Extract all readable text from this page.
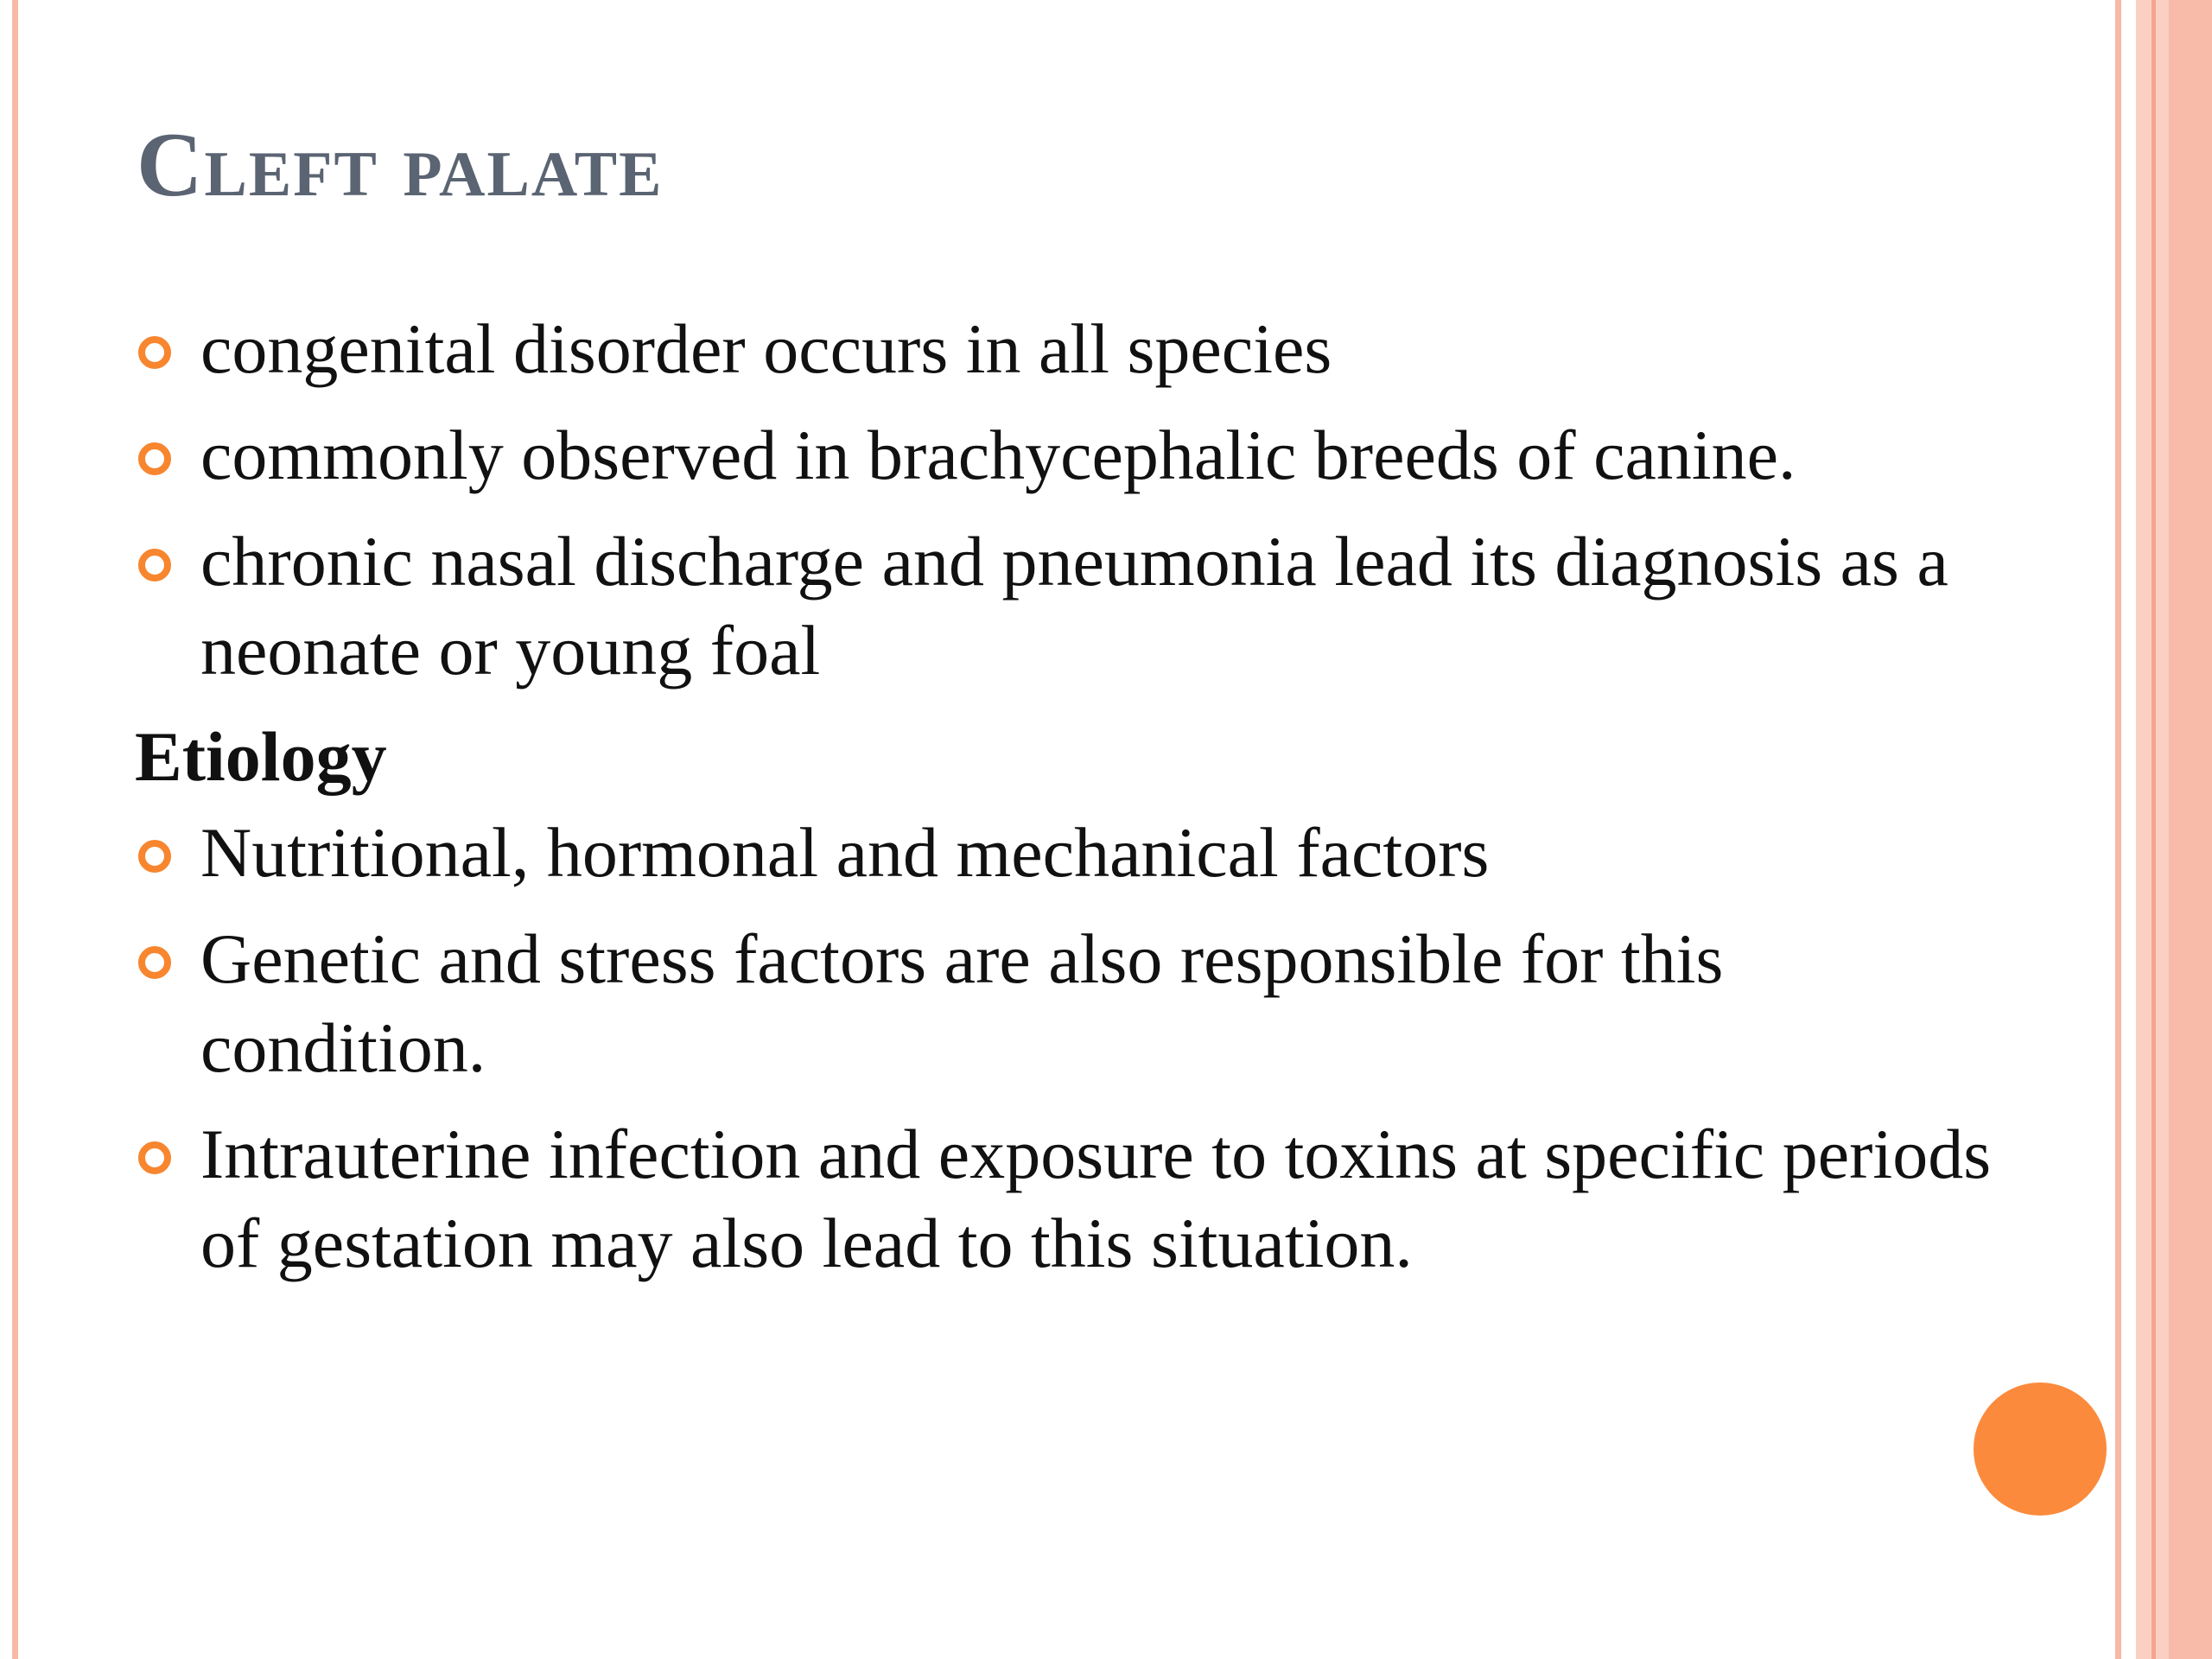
Cleft palate
congenital disorder occurs in all species
commonly observed in brachycephalic breeds of canine.
chronic nasal discharge and pneumonia lead its diagnosis as a neonate or young foal
Etiology
Nutritional, hormonal and mechanical factors
Genetic and stress factors are also responsible for this condition.
Intrauterine infection and exposure to toxins at specific periods of gestation may also lead to this situation.
